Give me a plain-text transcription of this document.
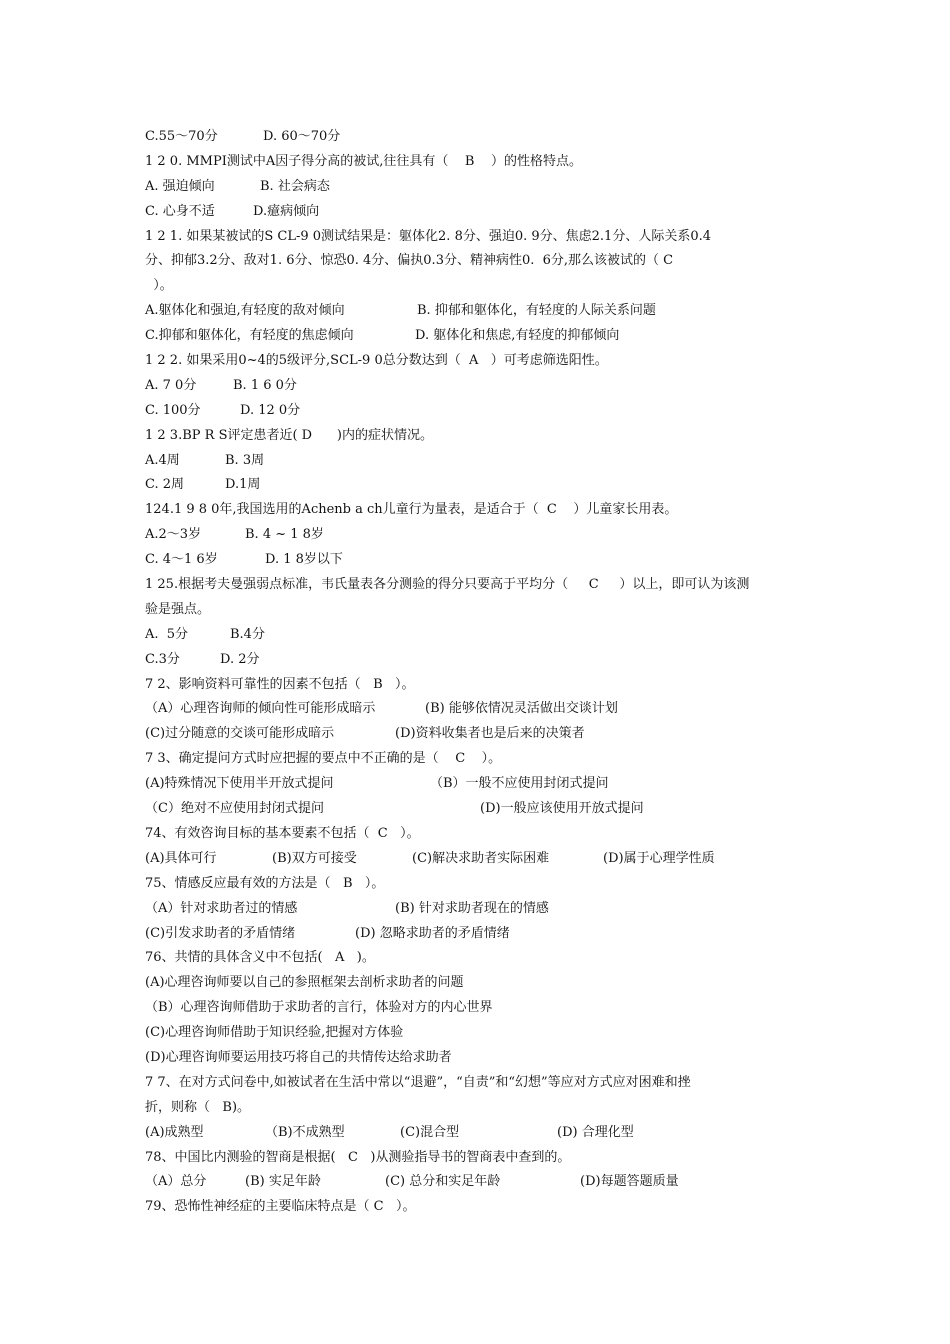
C.55～70分	D. 60～70分
1 2 0. MMPI测试中A因子得分高的被试,往往具有（    B    ）的性格特点。
A. 强迫倾向	B. 社会病态
C. 心身不适	D.癔病倾向
1 2 1. 如果某被试的S CL-9 0测试结果是：躯体化2. 8分、强迫0. 9分、焦虑2.1分、人际关系0.4
分、抑郁3.2分、敌对1. 6分、惊恐0. 4分、偏执0.3分、精神病性0.  6分,那么该被试的（ C
）。
A.躯体化和强迫,有轻度的敌对倾向	B. 抑郁和躯体化，有轻度的人际关系问题
C.抑郁和躯体化，有轻度的焦虑倾向	D. 躯体化和焦虑,有轻度的抑郁倾向
1 2 2. 如果采用0~4的5级评分,SCL-9 0总分数达到（  A   ）可考虑筛选阳性。
A. 7 0分	B. 1 6 0分
C. 100分	D. 12 0分
1 2 3.BP R S评定患者近( D      )内的症状情况。
A.4周	B. 3周
C. 2周	D.1周
124.1 9 8 0年,我国选用的Achenb a ch儿童行为量表，是适合于（  C    ）儿童家长用表。
A.2～3岁	B. 4 ~ 1 8岁
C. 4～1 6岁	D. 1 8岁以下
1 25.根据考夫曼强弱点标准，韦氏量表各分测验的得分只要高于平均分（     C     ）以上，即可认为该测
验是强点。
A.  5分	B.4分
C.3分	D. 2分
7 2、影响资料可靠性的因素不包括（   B   ）。
（A）心理咨询师的倾向性可能形成暗示	(B) 能够依情况灵活做出交谈计划
(C)过分随意的交谈可能形成暗示	(D)资料收集者也是后来的决策者
7 3、确定提问方式时应把握的要点中不正确的是（    C    ）。
(A)特殊情况下使用半开放式提问	（B）一般不应使用封闭式提问
（C）绝对不应使用封闭式提问	(D)一般应该使用开放式提问
74、有效咨询目标的基本要素不包括（  C   ）。
(A)具体可行	(B)双方可接受	(C)解决求助者实际困难	(D)属于心理学性质
75、情感反应最有效的方法是（   B   ）。
（A）针对求助者过的情感	(B) 针对求助者现在的情感
(C)引发求助者的矛盾情绪	(D) 忽略求助者的矛盾情绪
76、共情的具体含义中不包括(   A   )。
(A)心理咨询师要以自己的参照框架去剖析求助者的问题
（B）心理咨询师借助于求助者的言行，体验对方的内心世界
(C)心理咨询师借助于知识经验,把握对方体验
(D)心理咨询师要运用技巧将自己的共情传达给求助者
7 7、在对方式问卷中,如被试者在生活中常以“退避”，“自责”和“幻想”等应对方式应对困难和挫
折，则称（   B)。
(A)成熟型	（B)不成熟型	(C)混合型	(D) 合理化型
78、中国比内测验的智商是根据(   C   )从测验指导书的智商表中查到的。
（A）总分	(B) 实足年龄	(C) 总分和实足年龄	(D)每题答题质量
79、恐怖性神经症的主要临床特点是（ C   ）。
